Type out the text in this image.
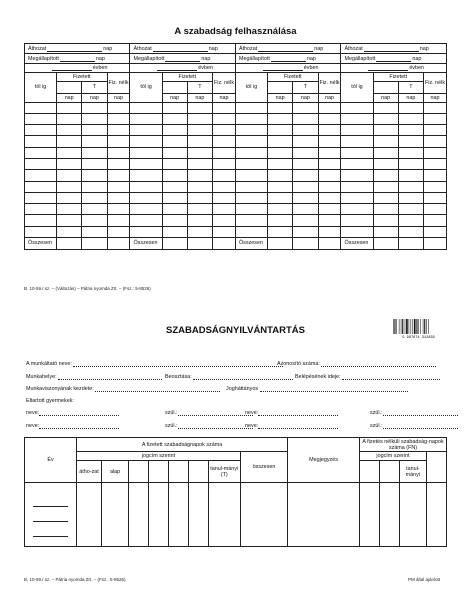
A szabadság felhasználása
Áthozat nap				Áthozat nap				Áthozat nap				Áthozat nap			
Megállapított nap				Megállapított nap				Megállapított nap				Megállapított nap			
évben				évben				évben				évben			
tól ig	Fizetett		Fiz. nélk	tól ig	Fizetett		Fiz. nélk	tól ig	Fizetett		Fiz. nélk	tól ig	Fizetett		Fiz. nélk
		T				T				T				T	
	nap	nap	nap		nap	nap	nap		nap	nap	nap		nap	nap	nap

Összesen				Összesen				Összesen				Összesen			
B. 10-59.r.sz. – (Változás) – Pátria nyomda Zrt. – (Fsz.: 5-8526)
SZABADSÁGNYILVÁNTARTÁS
5 997674 312839
A munkáltató neve:	Azonosító száma:
Munkahelye:	Beosztása:	Belépésének ideje:
Munkaviszonyának kezdete:	Jogháttányos
Eltartott gyermekek:
neve:	szül.:	neve:	szül.:
neve:	szül.:	neve:	szül.:
Év	A fizetett szabadságnapok száma								Megjegyzés	A fizetés nélküli szabadság-napok száma (FN)			
	jogcím szerint							összesen		jogcím szerint			
	átho-zat	alap					tanul-mányi (T)					tanul-mányi	

B. 10-59.r.sz. – Pátria nyomda Zrt. – (Fsz.: 5-8526)	PM által ajánlott
